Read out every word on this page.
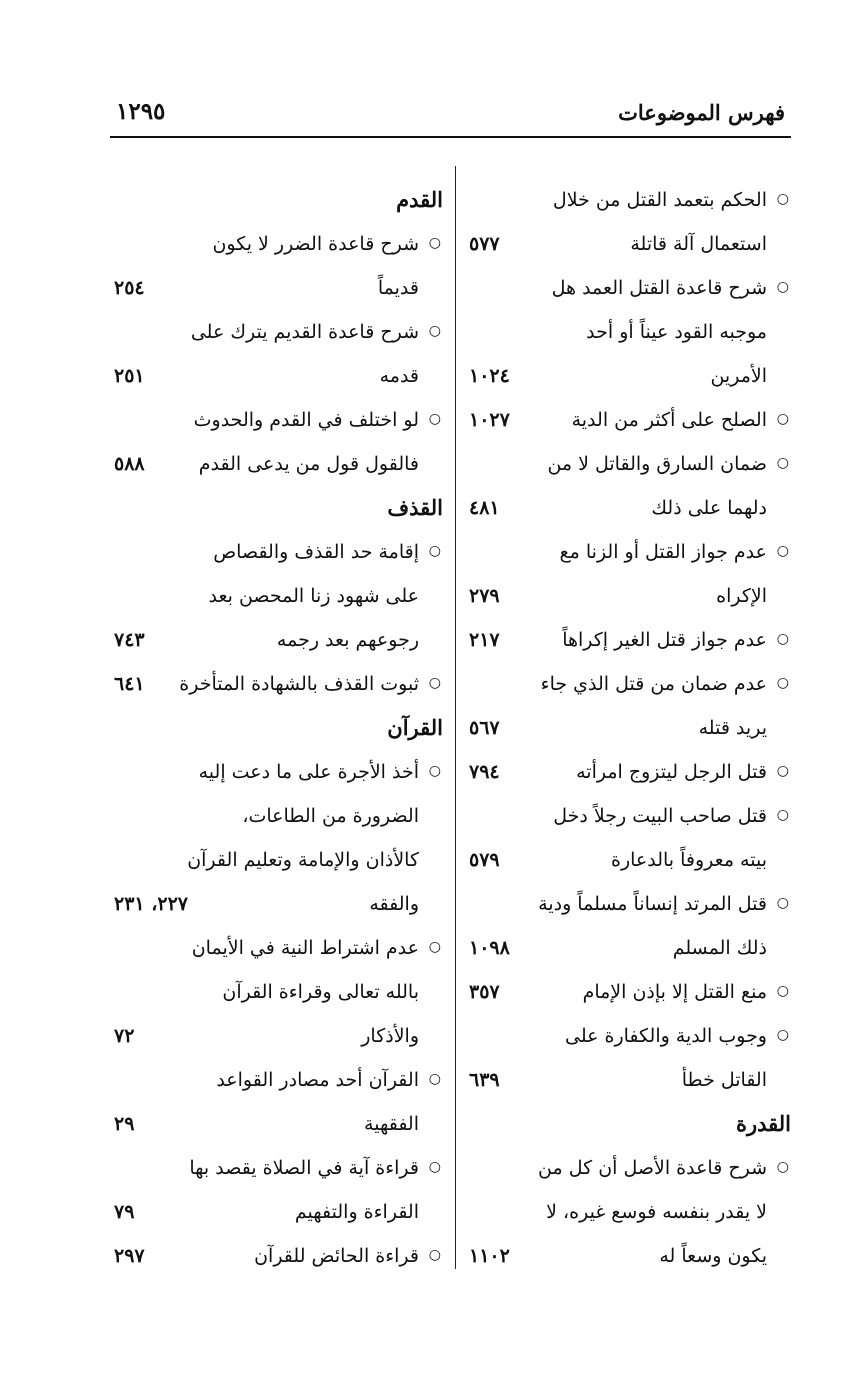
فهرس الموضوعات
١٢٩٥
○
الحكم بتعمد القتل من خلال
استعمال آلة قاتلة
٥٧٧
○
شرح قاعدة القتل العمد هل
موجبه القود عيناً أو أحد
الأمرين
١٠٢٤
○
الصلح على أكثر من الدية
١٠٢٧
○
ضمان السارق والقاتل لا من
دلهما على ذلك
٤٨١
○
عدم جواز القتل أو الزنا مع
الإكراه
٢٧٩
○
عدم جواز قتل الغير إكراهاً
٢١٧
○
عدم ضمان من قتل الذي جاء
يريد قتله
٥٦٧
○
قتل الرجل ليتزوج امرأته
٧٩٤
○
قتل صاحب البيت رجلاً دخل
بيته معروفاً بالدعارة
٥٧٩
○
قتل المرتد إنساناً مسلماً ودية
ذلك المسلم
١٠٩٨
○
منع القتل إلا بإذن الإمام
٣٥٧
○
وجوب الدية والكفارة على
القاتل خطأ
٦٣٩
القدرة
○
شرح قاعدة الأصل أن كل من
لا يقدر بنفسه فوسع غيره، لا
يكون وسعاً له
١١٠٢
القدم
○
شرح قاعدة الضرر لا يكون
قديماً
٢٥٤
○
شرح قاعدة القديم يترك على
قدمه
٢٥١
○
لو اختلف في القدم والحدوث
فالقول قول من يدعى القدم
٥٨٨
القذف
○
إقامة حد القذف والقصاص
على شهود زنا المحصن بعد
رجوعهم بعد رجمه
٧٤٣
○
ثبوت القذف بالشهادة المتأخرة
٦٤١
القرآن
○
أخذ الأجرة على ما دعت إليه
الضرورة من الطاعات،
كالأذان والإمامة وتعليم القرآن
والفقه
٢٢٧، ٢٣١
○
عدم اشتراط النية في الأيمان
بالله تعالى وقراءة القرآن
والأذكار
٧٢
○
القرآن أحد مصادر القواعد
الفقهية
٢٩
○
قراءة آية في الصلاة يقصد بها
القراءة والتفهيم
٧٩
○
قراءة الحائض للقرآن
٢٩٧
